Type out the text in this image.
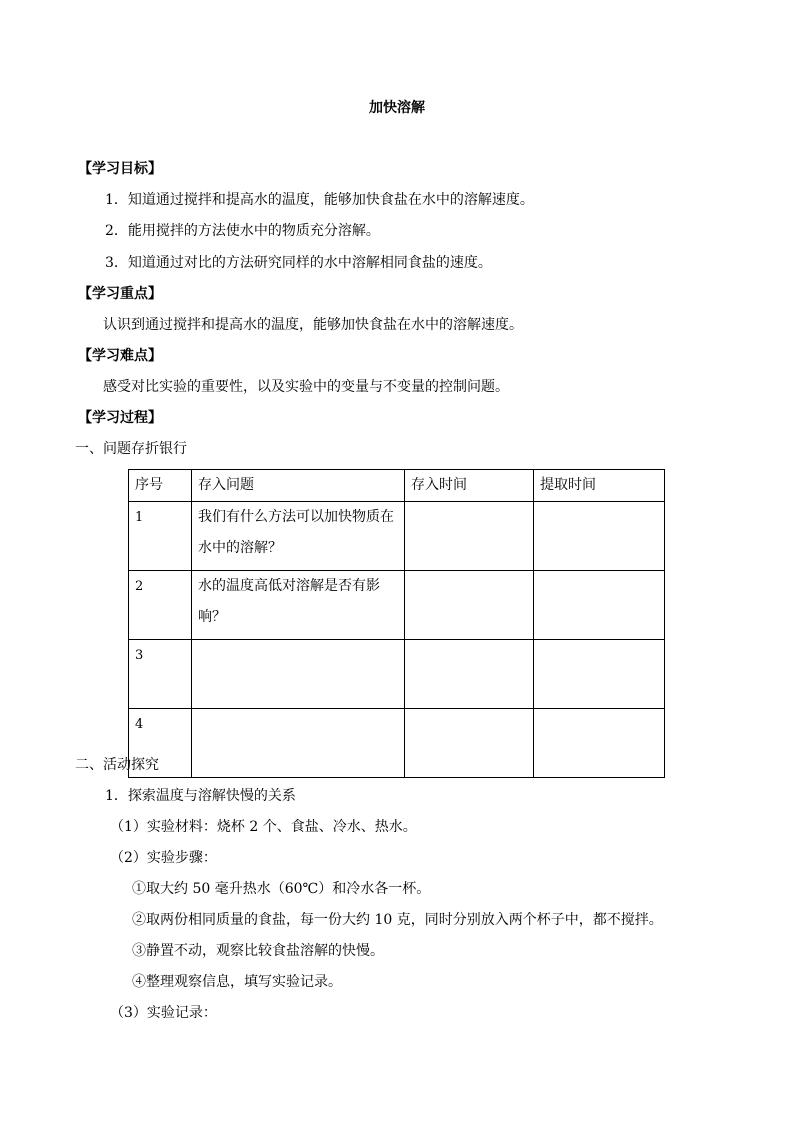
加快溶解
【学习目标】
1．知道通过搅拌和提高水的温度，能够加快食盐在水中的溶解速度。
2．能用搅拌的方法使水中的物质充分溶解。
3．知道通过对比的方法研究同样的水中溶解相同食盐的速度。
【学习重点】
认识到通过搅拌和提高水的温度，能够加快食盐在水中的溶解速度。
【学习难点】
感受对比实验的重要性，以及实验中的变量与不变量的控制问题。
【学习过程】
一、问题存折银行
序号	存入问题	存入时间	提取时间
1	我们有什么方法可以加快物质在水中的溶解？		
2	水的温度高低对溶解是否有影响？		
3			
4			
二、活动探究
1．探索温度与溶解快慢的关系
（1）实验材料：烧杯 2 个、食盐、冷水、热水。
（2）实验步骤：
①取大约 50 毫升热水（60℃）和冷水各一杯。
②取两份相同质量的食盐，每一份大约 10 克，同时分别放入两个杯子中，都不搅拌。
③静置不动，观察比较食盐溶解的快慢。
④整理观察信息，填写实验记录。
（3）实验记录：
